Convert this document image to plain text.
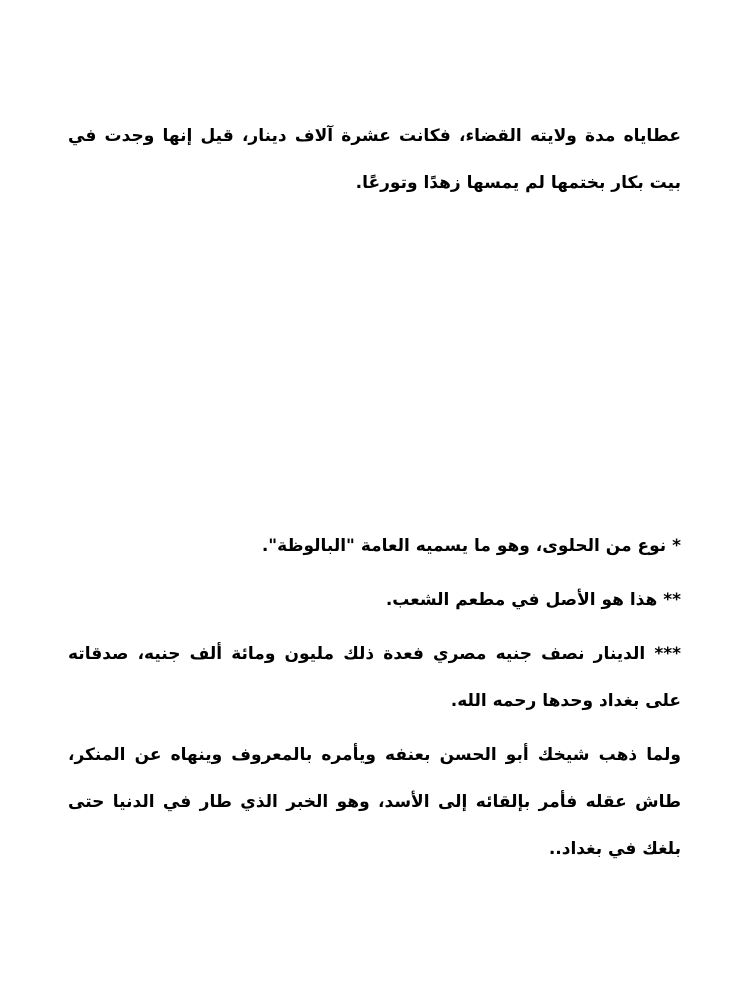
عطاياه مدة ولايته القضاء، فكانت عشرة آلاف دينار، قيل إنها وجدت في بيت بكار بختمها لم يمسها زهدًا وتورعًا.

* نوع من الحلوى، وهو ما يسميه العامة "البالوظة".

** هذا هو الأصل في مطعم الشعب.

*** الدينار نصف جنيه مصري فعدة ذلك مليون ومائة ألف جنيه، صدقاته على بغداد وحدها رحمه الله.

ولما ذهب شيخك أبو الحسن بعنفه ويأمره بالمعروف وينهاه عن المنكر، طاش عقله فأمر بإلقائه إلى الأسد، وهو الخبر الذي طار في الدنيا حتى بلغك في بغداد..
